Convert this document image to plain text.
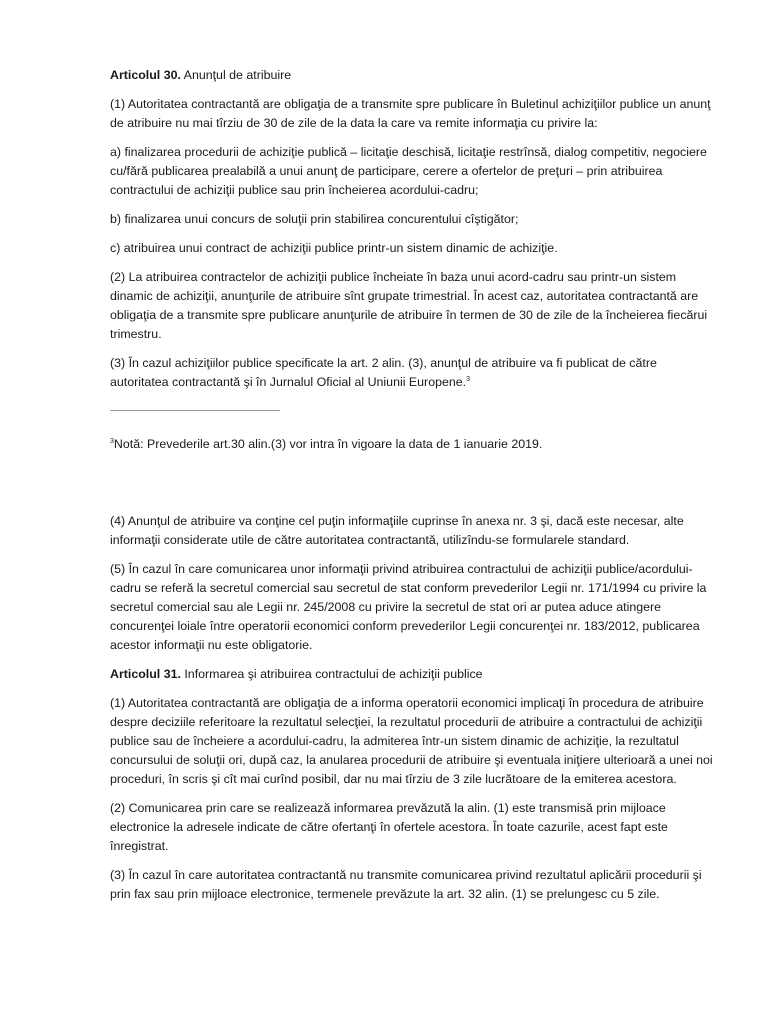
Articolul 30. Anunţul de atribuire

(1) Autoritatea contractantă are obligaţia de a transmite spre publicare în Buletinul achiziţiilor publice un anunţ de atribuire nu mai tîrziu de 30 de zile de la data la care va remite informaţia cu privire la:

a) finalizarea procedurii de achiziţie publică – licitaţie deschisă, licitaţie restrînsă, dialog competitiv, negociere cu/fără publicarea prealabilă a unui anunţ de participare, cerere a ofertelor de preţuri – prin atribuirea contractului de achiziţii publice sau prin încheierea acordului-cadru;

b) finalizarea unui concurs de soluţii prin stabilirea concurentului cîştigător;

c) atribuirea unui contract de achiziţii publice printr-un sistem dinamic de achiziţie.

(2) La atribuirea contractelor de achiziţii publice încheiate în baza unui acord-cadru sau printr-un sistem dinamic de achiziţii, anunţurile de atribuire sînt grupate trimestrial. În acest caz, autoritatea contractantă are obligaţia de a transmite spre publicare anunţurile de atribuire în termen de 30 de zile de la încheierea fiecărui trimestru.

(3) În cazul achiziţiilor publice specificate la art. 2 alin. (3), anunţul de atribuire va fi publicat de către autoritatea contractantă şi în Jurnalul Oficial al Uniunii Europene.$^3$

$^3$Notă: Prevederile art.30 alin.(3) vor intra în vigoare la data de 1 ianuarie 2019.

(4) Anunţul de atribuire va conţine cel puţin informaţiile cuprinse în anexa nr. 3 şi, dacă este necesar, alte informaţii considerate utile de către autoritatea contractantă, utilizîndu-se formularele standard.

(5) În cazul în care comunicarea unor informaţii privind atribuirea contractului de achiziţii publice/acordului-cadru se referă la secretul comercial sau secretul de stat conform prevederilor Legii nr. 171/1994 cu privire la secretul comercial sau ale Legii nr. 245/2008 cu privire la secretul de stat ori ar putea aduce atingere concurenţei loiale între operatorii economici conform prevederilor Legii concurenţei nr. 183/2012, publicarea acestor informaţii nu este obligatorie.

Articolul 31. Informarea şi atribuirea contractului de achiziţii publice

(1) Autoritatea contractantă are obligaţia de a informa operatorii economici implicaţi în procedura de atribuire despre deciziile referitoare la rezultatul selecţiei, la rezultatul procedurii de atribuire a contractului de achiziţii publice sau de încheiere a acordului-cadru, la admiterea într-un sistem dinamic de achiziţie, la rezultatul concursului de soluţii ori, după caz, la anularea procedurii de atribuire şi eventuala iniţiere ulterioară a unei noi proceduri, în scris şi cît mai curînd posibil, dar nu mai tîrziu de 3 zile lucrătoare de la emiterea acestora.

(2) Comunicarea prin care se realizează informarea prevăzută la alin. (1) este transmisă prin mijloace electronice la adresele indicate de către ofertanţi în ofertele acestora. În toate cazurile, acest fapt este înregistrat.

(3) În cazul în care autoritatea contractantă nu transmite comunicarea privind rezultatul aplicării procedurii şi prin fax sau prin mijloace electronice, termenele prevăzute la art. 32 alin. (1) se prelungesc cu 5 zile.
